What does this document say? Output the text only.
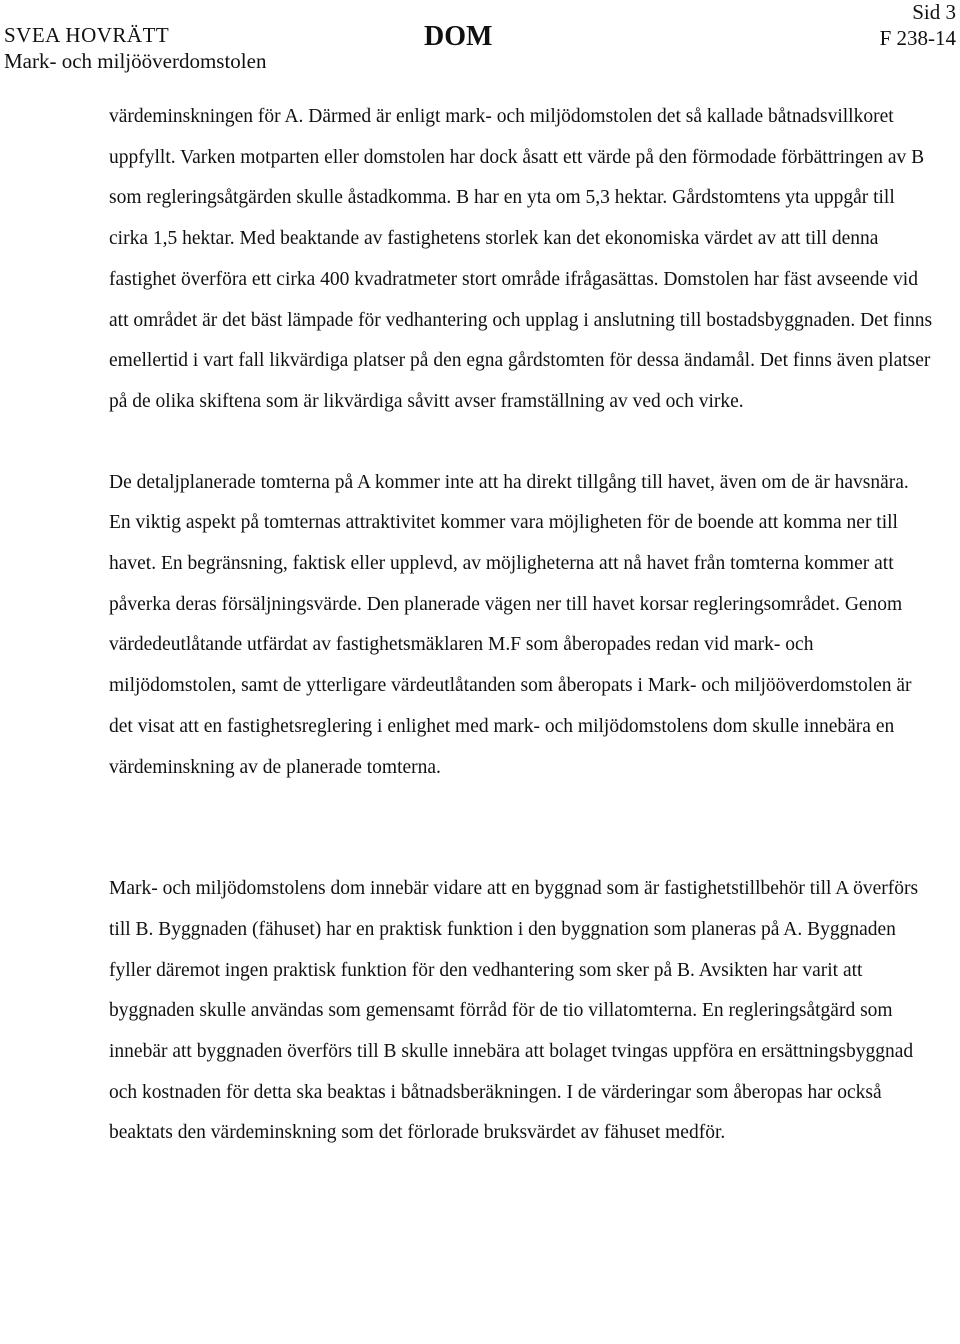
SVEA HOVRÄTT
Mark- och miljööverdomstolen
DOM
Sid 3
F 238-14

värdeminskningen för A. Därmed är enligt mark- och miljödomstolen det så kallade båtnadsvillkoret uppfyllt. Varken motparten eller domstolen har dock åsatt ett värde på den förmodade förbättringen av B som regleringsåtgärden skulle åstadkomma. B har en yta om 5,3 hektar. Gårdstomtens yta uppgår till cirka 1,5 hektar. Med beaktande av fastighetens storlek kan det ekonomiska värdet av att till denna fastighet överföra ett cirka 400 kvadratmeter stort område ifrågasättas. Domstolen har fäst avseende vid att området är det bäst lämpade för vedhantering och upplag i anslutning till bostadsbyggnaden. Det finns emellertid i vart fall likvärdiga platser på den egna gårdstomten för dessa ändamål. Det finns även platser på de olika skiftena som är likvärdiga såvitt avser framställning av ved och virke.

De detaljplanerade tomterna på A kommer inte att ha direkt tillgång till havet, även om de är havsnära. En viktig aspekt på tomternas attraktivitet kommer vara möjligheten för de boende att komma ner till havet. En begränsning, faktisk eller upplevd, av möjligheterna att nå havet från tomterna kommer att påverka deras försäljningsvärde. Den planerade vägen ner till havet korsar regleringsområdet. Genom värdedeutlåtande utfärdat av fastighetsmäklaren M.F som åberopades redan vid mark- och miljödomstolen, samt de ytterligare värdeutlåtanden som åberopats i Mark- och miljööverdomstolen är det visat att en fastighetsreglering i enlighet med mark- och miljödomstolens dom skulle innebära en värdeminskning av de planerade tomterna.

Mark- och miljödomstolens dom innebär vidare att en byggnad som är fastighetstillbehör till A överförs till B. Byggnaden (fähuset) har en praktisk funktion i den byggnation som planeras på A. Byggnaden fyller däremot ingen praktisk funktion för den vedhantering som sker på B. Avsikten har varit att byggnaden skulle användas som gemensamt förråd för de tio villatomterna. En regleringsåtgärd som innebär att byggnaden överförs till B skulle innebära att bolaget tvingas uppföra en ersättningsbyggnad och kostnaden för detta ska beaktas i båtnadsberäkningen. I de värderingar som åberopas har också beaktats den värdeminskning som det förlorade bruksvärdet av fähuset medför.
